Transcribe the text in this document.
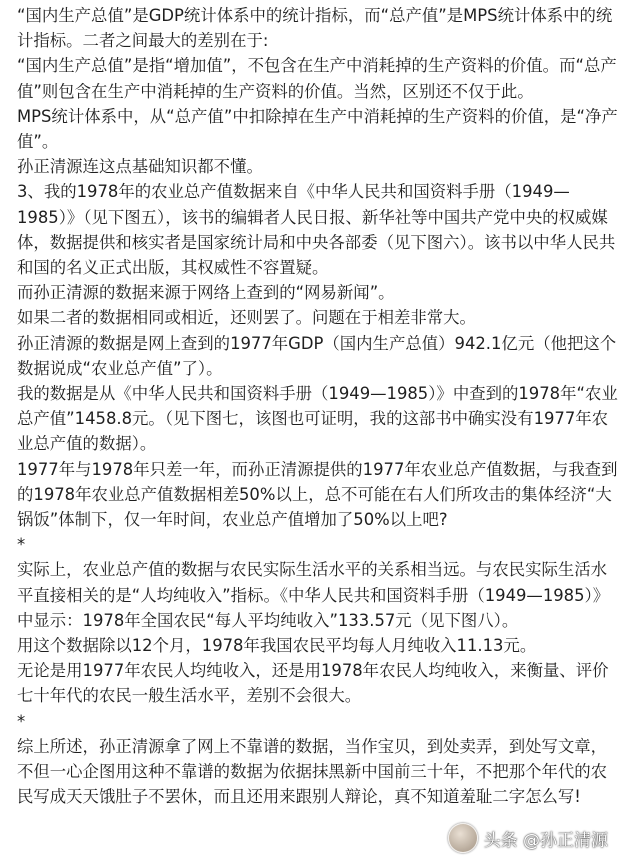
“国内生产总值”是GDP统计体系中的统计指标，而“总产值”是MPS统计体系中的统计指标。二者之间最大的差别在于:

“国内生产总值”是指“增加值”，不包含在生产中消耗掉的生产资料的价值。而“总产值”则包含在生产中消耗掉的生产资料的价值。当然，区别还不仅于此。

MPS统计体系中，从“总产值”中扣除掉在生产中消耗掉的生产资料的价值，是“净产值”。

孙正清源连这点基础知识都不懂。

3、我的1978年的农业总产值数据来自《中华人民共和国资料手册（1949—1985）》（见下图五），该书的编辑者人民日报、新华社等中国共产党中央的权威媒体，数据提供和核实者是国家统计局和中央各部委（见下图六）。该书以中华人民共和国的名义正式出版，其权威性不容置疑。

而孙正清源的数据来源于网络上查到的“网易新闻”。

如果二者的数据相同或相近，还则罢了。问题在于相差非常大。

孙正清源的数据是网上查到的1977年GDP（国内生产总值）942.1亿元（他把这个数据说成“农业总产值”了）。

我的数据是从《中华人民共和国资料手册（1949—1985）》中查到的1978年“农业总产值”1458.8元。（见下图七，该图也可证明，我的这部书中确实没有1977年农业总产值的数据）。

1977年与1978年只差一年，而孙正清源提供的1977年农业总产值数据，与我查到的1978年农业总产值数据相差50%以上，总不可能在右人们所攻击的集体经济“大锅饭”体制下，仅一年时间，农业总产值增加了50%以上吧?

*

实际上，农业总产值的数据与农民实际生活水平的关系相当远。与农民实际生活水平直接相关的是“人均纯收入”指标。《中华人民共和国资料手册（1949—1985）》中显示：1978年全国农民“每人平均纯收入”133.57元（见下图八）。

用这个数据除以12个月，1978年我国农民平均每人月纯收入11.13元。

无论是用1977年农民人均纯收入，还是用1978年农民人均纯收入，来衡量、评价七十年代的农民一般生活水平，差别不会很大。

*

综上所述，孙正清源拿了网上不靠谱的数据，当作宝贝，到处卖弄，到处写文章，不但一心企图用这种不靠谱的数据为依据抹黑新中国前三十年，不把那个年代的农民写成天天饿肚子不罢休，而且还用来跟别人辩论，真不知道羞耻二字怎么写!

头条 @孙正清源
